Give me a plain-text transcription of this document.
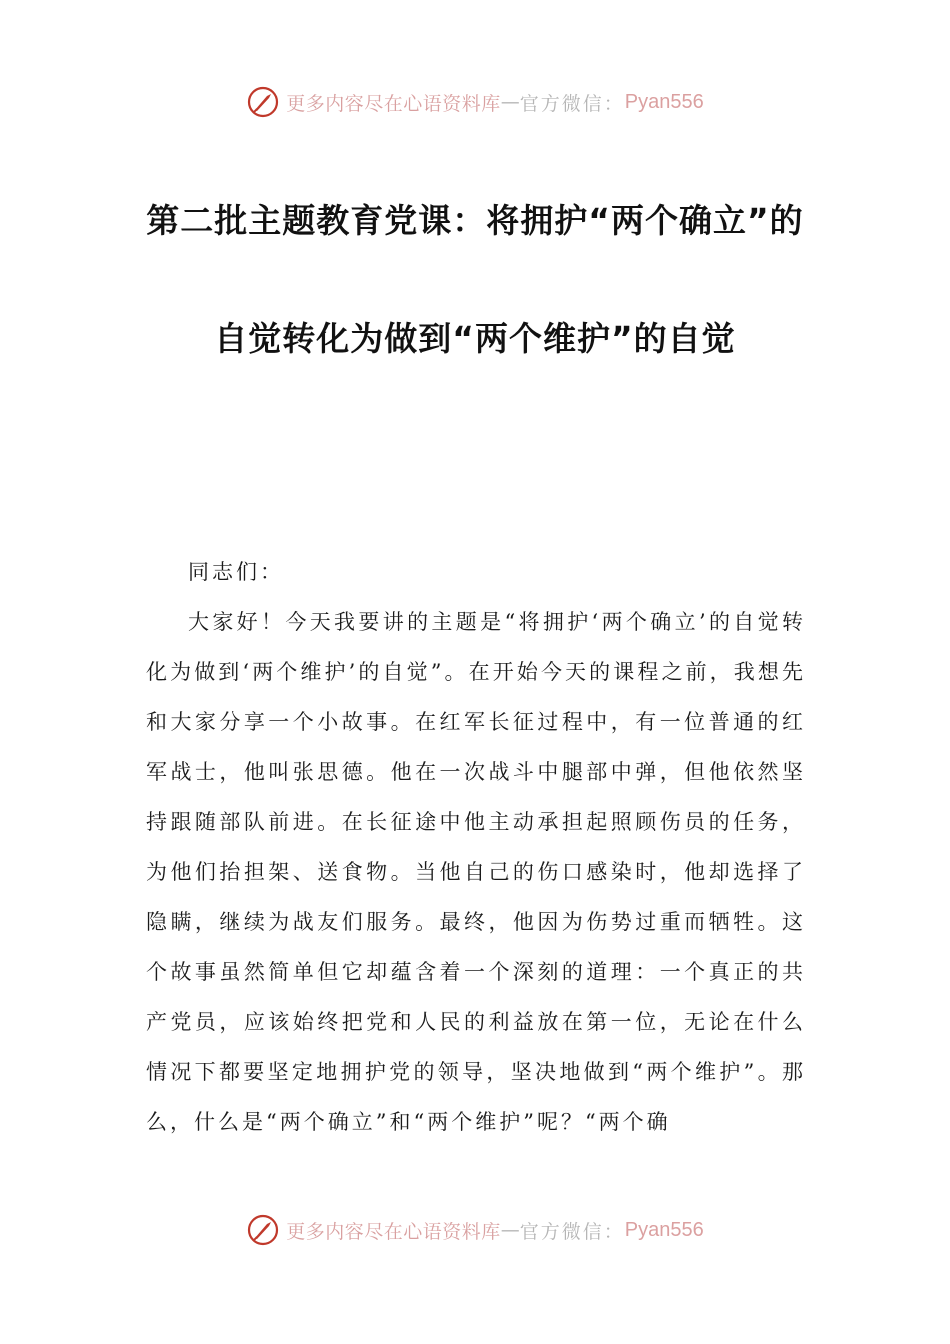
更多内容尽在心语资料库 — 官方微信： Pyan556
第二批主题教育党课：将拥护“两个确立”的自觉转化为做到“两个维护”的自觉

同志们：

大家好！今天我要讲的主题是“将拥护‘两个确立’的自觉转化为做到‘两个维护’的自觉”。在开始今天的课程之前，我想先和大家分享一个小故事。在红军长征过程中，有一位普通的红军战士，他叫张思德。他在一次战斗中腿部中弹，但他依然坚持跟随部队前进。在长征途中他主动承担起照顾伤员的任务，为他们抬担架、送食物。当他自己的伤口感染时，他却选择了隐瞒，继续为战友们服务。最终，他因为伤势过重而牺牲。这个故事虽然简单但它却蕴含着一个深刻的道理：一个真正的共产党员，应该始终把党和人民的利益放在第一位，无论在什么情况下都要坚定地拥护党的领导，坚决地做到“两个维护”。那么，什么是“两个确立”和“两个维护”呢？“两个确

更多内容尽在心语资料库 — 官方微信： Pyan556
